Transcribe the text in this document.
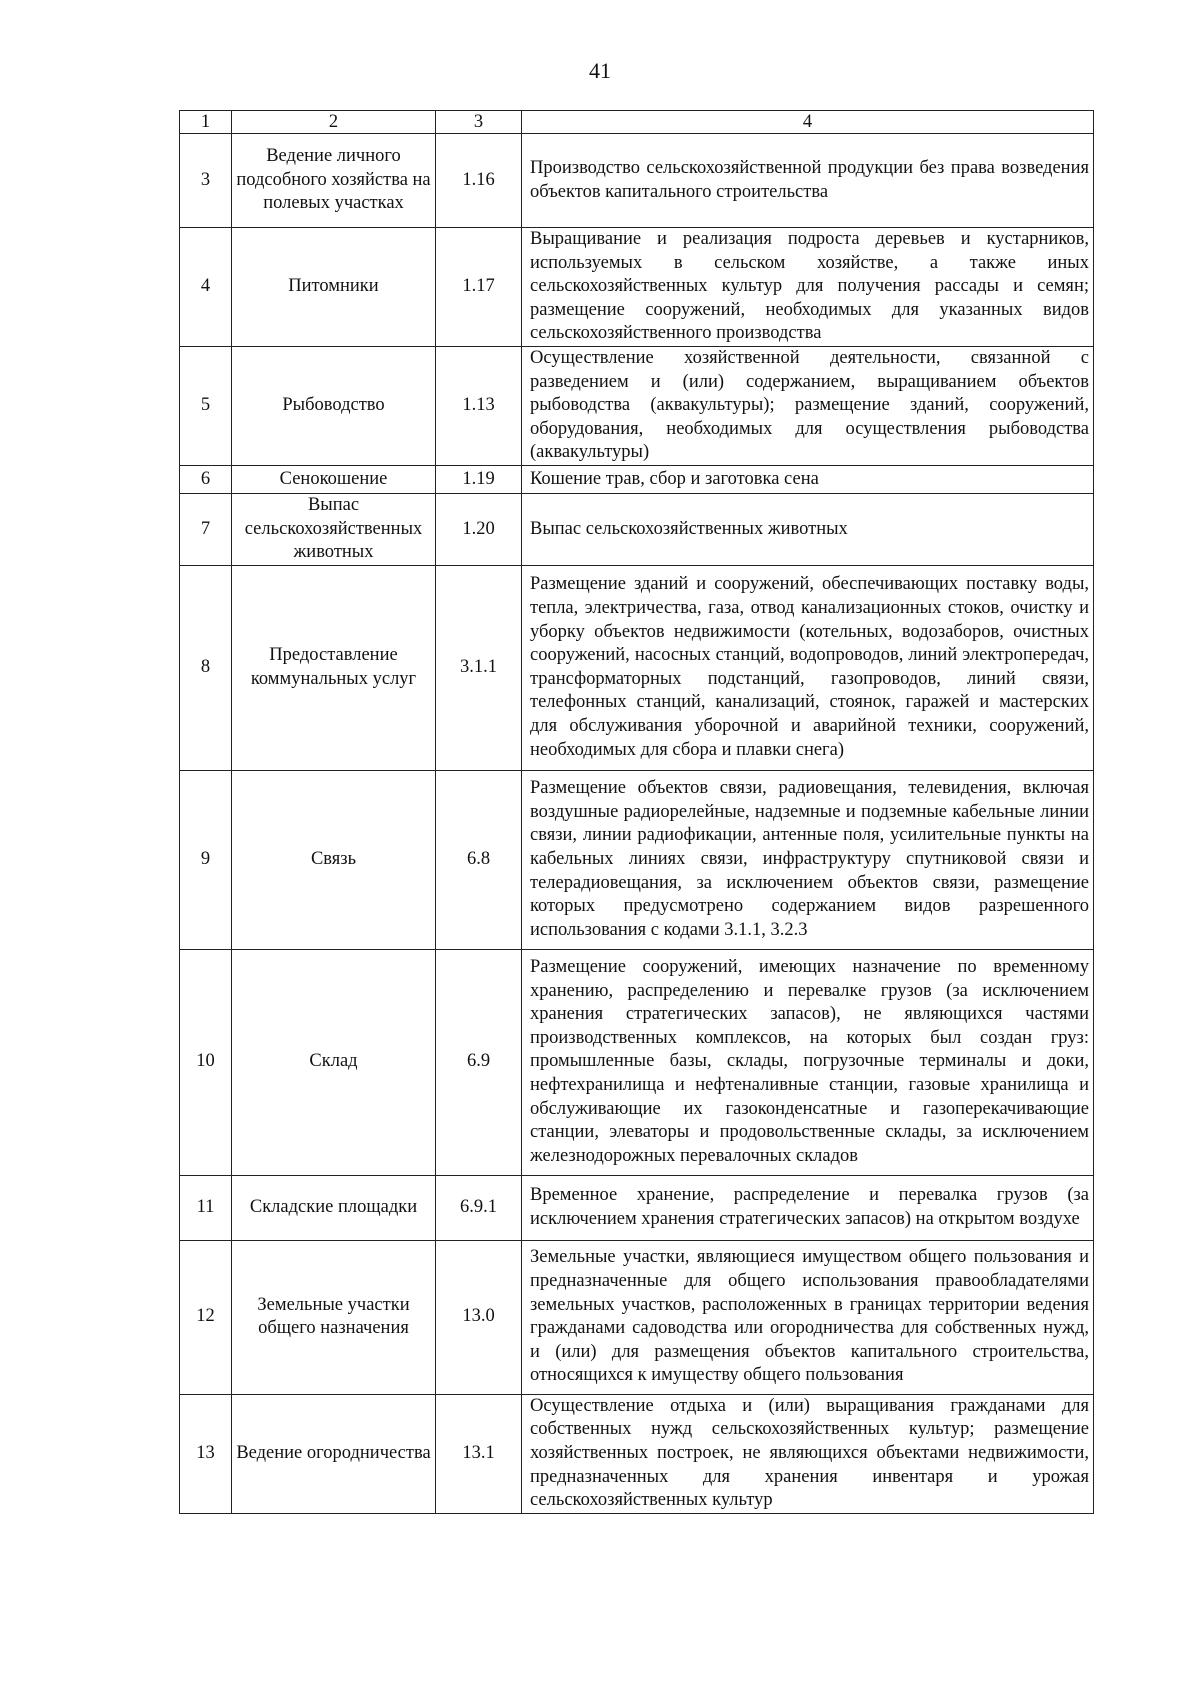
41
1	2	3	4
3	Ведение личного подсобного хозяйства на полевых участках	1.16	Производство сельскохозяйственной продукции без права возведения объектов капитального строительства
4	Питомники	1.17	Выращивание и реализация подроста деревьев и кустарников, используемых в сельском хозяйстве, а также иных сельскохозяйственных культур для получения рассады и семян; размещение сооружений, необходимых для указанных видов сельскохозяйственного производства
5	Рыбоводство	1.13	Осуществление хозяйственной деятельности, связанной с разведением и (или) содержанием, выращиванием объектов рыбоводства (аквакультуры); размещение зданий, сооружений, оборудования, необходимых для осуществления рыбоводства (аквакультуры)
6	Сенокошение	1.19	Кошение трав, сбор и заготовка сена
7	Выпас сельскохозяйственных животных	1.20	Выпас сельскохозяйственных животных
8	Предоставление коммунальных услуг	3.1.1	Размещение зданий и сооружений, обеспечивающих поставку воды, тепла, электричества, газа, отвод канализационных стоков, очистку и уборку объектов недвижимости (котельных, водозаборов, очистных сооружений, насосных станций, водопроводов, линий электропередач, трансформаторных подстанций, газопроводов, линий связи, телефонных станций, канализаций, стоянок, гаражей и мастерских для обслуживания уборочной и аварийной техники, сооружений, необходимых для сбора и плавки снега)
9	Связь	6.8	Размещение объектов связи, радиовещания, телевидения, включая воздушные радиорелейные, надземные и подземные кабельные линии связи, линии радиофикации, антенные поля, усилительные пункты на кабельных линиях связи, инфраструктуру спутниковой связи и телерадиовещания, за исключением объектов связи, размещение которых предусмотрено содержанием видов разрешенного использования с кодами 3.1.1, 3.2.3
10	Склад	6.9	Размещение сооружений, имеющих назначение по временному хранению, распределению и перевалке грузов (за исключением хранения стратегических запасов), не являющихся частями производственных комплексов, на которых был создан груз: промышленные базы, склады, погрузочные терминалы и доки, нефтехранилища и нефтеналивные станции, газовые хранилища и обслуживающие их газоконденсатные и газоперекачивающие станции, элеваторы и продовольственные склады, за исключением железнодорожных перевалочных складов
11	Складские площадки	6.9.1	Временное хранение, распределение и перевалка грузов (за исключением хранения стратегических запасов) на открытом воздухе
12	Земельные участки общего назначения	13.0	Земельные участки, являющиеся имуществом общего пользования и предназначенные для общего использования правообладателями земельных участков, расположенных в границах территории ведения гражданами садоводства или огородничества для собственных нужд, и (или) для размещения объектов капитального строительства, относящихся к имуществу общего пользования
13	Ведение огородничества	13.1	Осуществление отдыха и (или) выращивания гражданами для собственных нужд сельскохозяйственных культур; размещение хозяйственных построек, не являющихся объектами недвижимости, предназначенных для хранения инвентаря и урожая сельскохозяйственных культур
